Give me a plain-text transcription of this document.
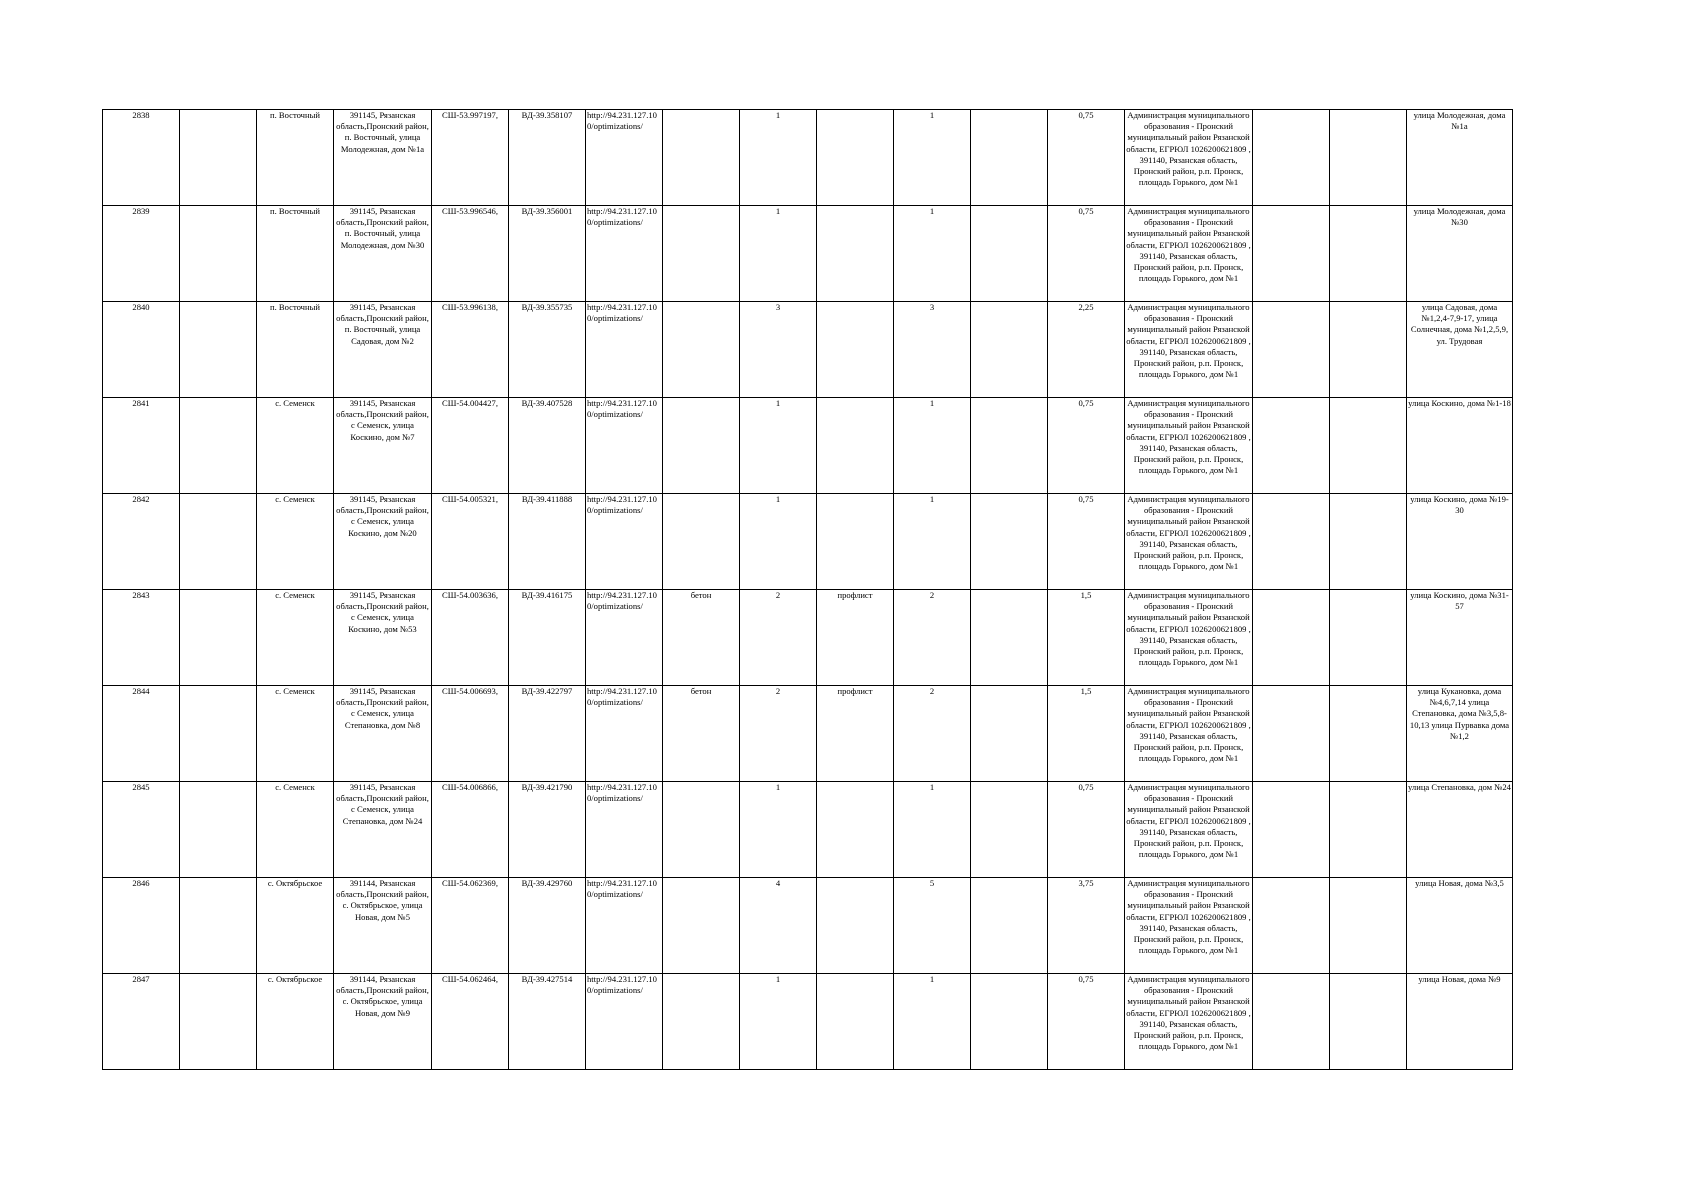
2838		п. Восточный	391145, Рязанская область,Пронский район, п. Восточный, улица Молодежная, дом №1а	СШ-53.997197,	ВД-39.358107	http://94.231.127.100/optimizations/		1		1		0,75	Администрация муниципального образования - Пронский муниципальный район Рязанской области, ЕГРЮЛ 1026200621809 , 391140, Рязанская область, Пронский район, р.п. Пронск, площадь Горького, дом №1			улица Молодежная, дома №1а
2839		п. Восточный	391145, Рязанская область,Пронский район, п. Восточный, улица Молодежная, дом №30	СШ-53.996546,	ВД-39.356001	http://94.231.127.100/optimizations/		1		1		0,75	Администрация муниципального образования - Пронский муниципальный район Рязанской области, ЕГРЮЛ 1026200621809 , 391140, Рязанская область, Пронский район, р.п. Пронск, площадь Горького, дом №1			улица Молодежная, дома №30
2840		п. Восточный	391145, Рязанская область,Пронский район, п. Восточный, улица Садовая, дом №2	СШ-53.996138,	ВД-39.355735	http://94.231.127.100/optimizations/		3		3		2,25	Администрация муниципального образования - Пронский муниципальный район Рязанской области, ЕГРЮЛ 1026200621809 , 391140, Рязанская область, Пронский район, р.п. Пронск, площадь Горького, дом №1			улица Садовая, дома №1,2,4-7,9-17, улица Солнечная, дома №1,2,5,9, ул. Трудовая
2841		с. Семенск	391145, Рязанская область,Пронский район, с Семенск, улица Коскино, дом №7	СШ-54.004427,	ВД-39.407528	http://94.231.127.100/optimizations/		1		1		0,75	Администрация муниципального образования - Пронский муниципальный район Рязанской области, ЕГРЮЛ 1026200621809 , 391140, Рязанская область, Пронский район, р.п. Пронск, площадь Горького, дом №1			улица Коскино, дома №1-18
2842		с. Семенск	391145, Рязанская область,Пронский район, с Семенск, улица Коскино, дом №20	СШ-54.005321,	ВД-39.411888	http://94.231.127.100/optimizations/		1		1		0,75	Администрация муниципального образования - Пронский муниципальный район Рязанской области, ЕГРЮЛ 1026200621809 , 391140, Рязанская область, Пронский район, р.п. Пронск, площадь Горького, дом №1			улица Коскино, дома №19-30
2843		с. Семенск	391145, Рязанская область,Пронский район, с Семенск, улица Коскино, дом №53	СШ-54.003636,	ВД-39.416175	http://94.231.127.100/optimizations/	бетон	2	профлист	2		1,5	Администрация муниципального образования - Пронский муниципальный район Рязанской области, ЕГРЮЛ 1026200621809 , 391140, Рязанская область, Пронский район, р.п. Пронск, площадь Горького, дом №1			улица Коскино, дома №31-57
2844		с. Семенск	391145, Рязанская область,Пронский район, с Семенск, улица Степановка, дом №8	СШ-54.006693,	ВД-39.422797	http://94.231.127.100/optimizations/	бетон	2	профлист	2		1,5	Администрация муниципального образования - Пронский муниципальный район Рязанской области, ЕГРЮЛ 1026200621809 , 391140, Рязанская область, Пронский район, р.п. Пронск, площадь Горького, дом №1			улица Кукановка, дома №4,6,7,14 улица Степановка, дома №3,5,8-10,13 улица Пурвавка дома №1,2
2845		с. Семенск	391145, Рязанская область,Пронский район, с Семенск, улица Степановка, дом №24	СШ-54.006866,	ВД-39.421790	http://94.231.127.100/optimizations/		1		1		0,75	Администрация муниципального образования - Пронский муниципальный район Рязанской области, ЕГРЮЛ 1026200621809 , 391140, Рязанская область, Пронский район, р.п. Пронск, площадь Горького, дом №1			улица Степановка, дом №24
2846		с. Октябрьское	391144, Рязанская область,Пронский район, с. Октябрьское, улица Новая, дом №5	СШ-54.062369,	ВД-39.429760	http://94.231.127.100/optimizations/		4		5		3,75	Администрация муниципального образования - Пронский муниципальный район Рязанской области, ЕГРЮЛ 1026200621809 , 391140, Рязанская область, Пронский район, р.п. Пронск, площадь Горького, дом №1			улица Новая, дома №3,5
2847		с. Октябрьское	391144, Рязанская область,Пронский район, с. Октябрьское, улица Новая, дом №9	СШ-54.062464,	ВД-39.427514	http://94.231.127.100/optimizations/		1		1		0,75	Администрация муниципального образования - Пронский муниципальный район Рязанской области, ЕГРЮЛ 1026200621809 , 391140, Рязанская область, Пронский район, р.п. Пронск, площадь Горького, дом №1			улица Новая, дома №9
